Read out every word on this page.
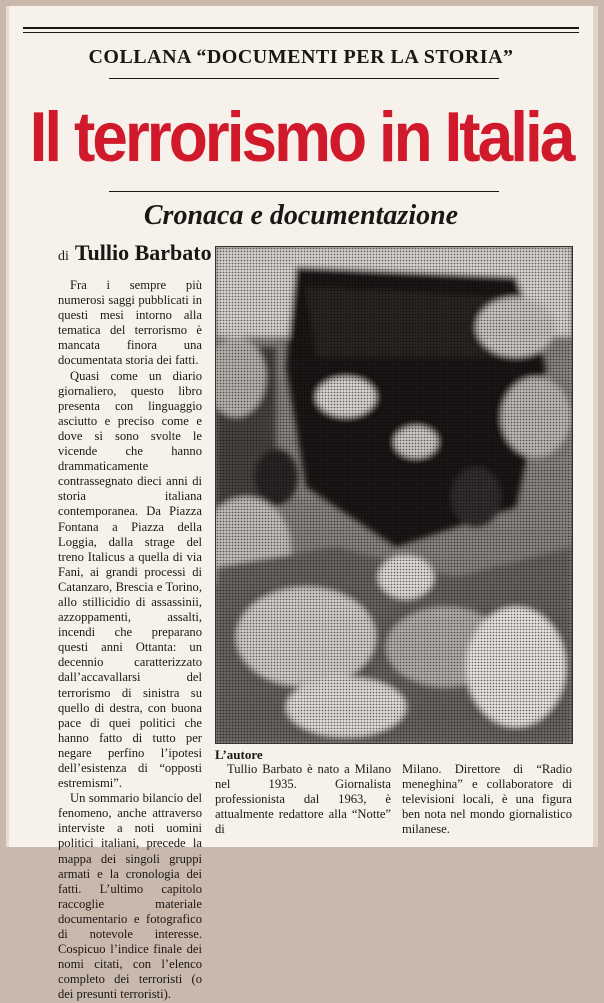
COLLANA “DOCUMENTI PER LA STORIA”
Il terrorismo in Italia
Cronaca e documentazione
di Tullio Barbato

Fra i sempre più numerosi saggi pubblicati in questi mesi intorno alla tematica del terrorismo è mancata finora una documentata storia dei fatti.

Quasi come un diario giornaliero, questo libro presenta con linguaggio asciutto e preciso come e dove si sono svolte le vicende che hanno drammaticamente contrassegnato dieci anni di storia italiana contemporanea. Da Piazza Fontana a Piazza della Loggia, dalla strage del treno Italicus a quella di via Fani, ai grandi processi di Catanzaro, Brescia e Torino, allo stillicidio di assassinii, azzoppamenti, assalti, incendi che preparano questi anni Ottanta: un decennio caratterizzato dall’accavallarsi del terrorismo di sinistra su quello di destra, con buona pace di quei politici che hanno fatto di tutto per negare perfino l’ipotesi dell’esistenza di “opposti estremismi”.

Un sommario bilancio del fenomeno, anche attraverso interviste a noti uomini politici italiani, precede la mappa dei singoli gruppi armati e la cronologia dei fatti. L’ultimo capitolo raccoglie materiale documentario e fotografico di notevole interesse. Cospicuo l’indice finale dei nomi citati, con l’elenco completo dei terroristi (o dei presunti terroristi).

L’autore

Tullio Barbato è nato a Milano nel 1935. Giornalista professionista dal 1963, è attualmente redattore alla “Notte” di

Milano. Direttore di “Radio meneghina” e collaboratore di televisioni locali, è una figura ben nota nel mondo giornalistico milanese.
